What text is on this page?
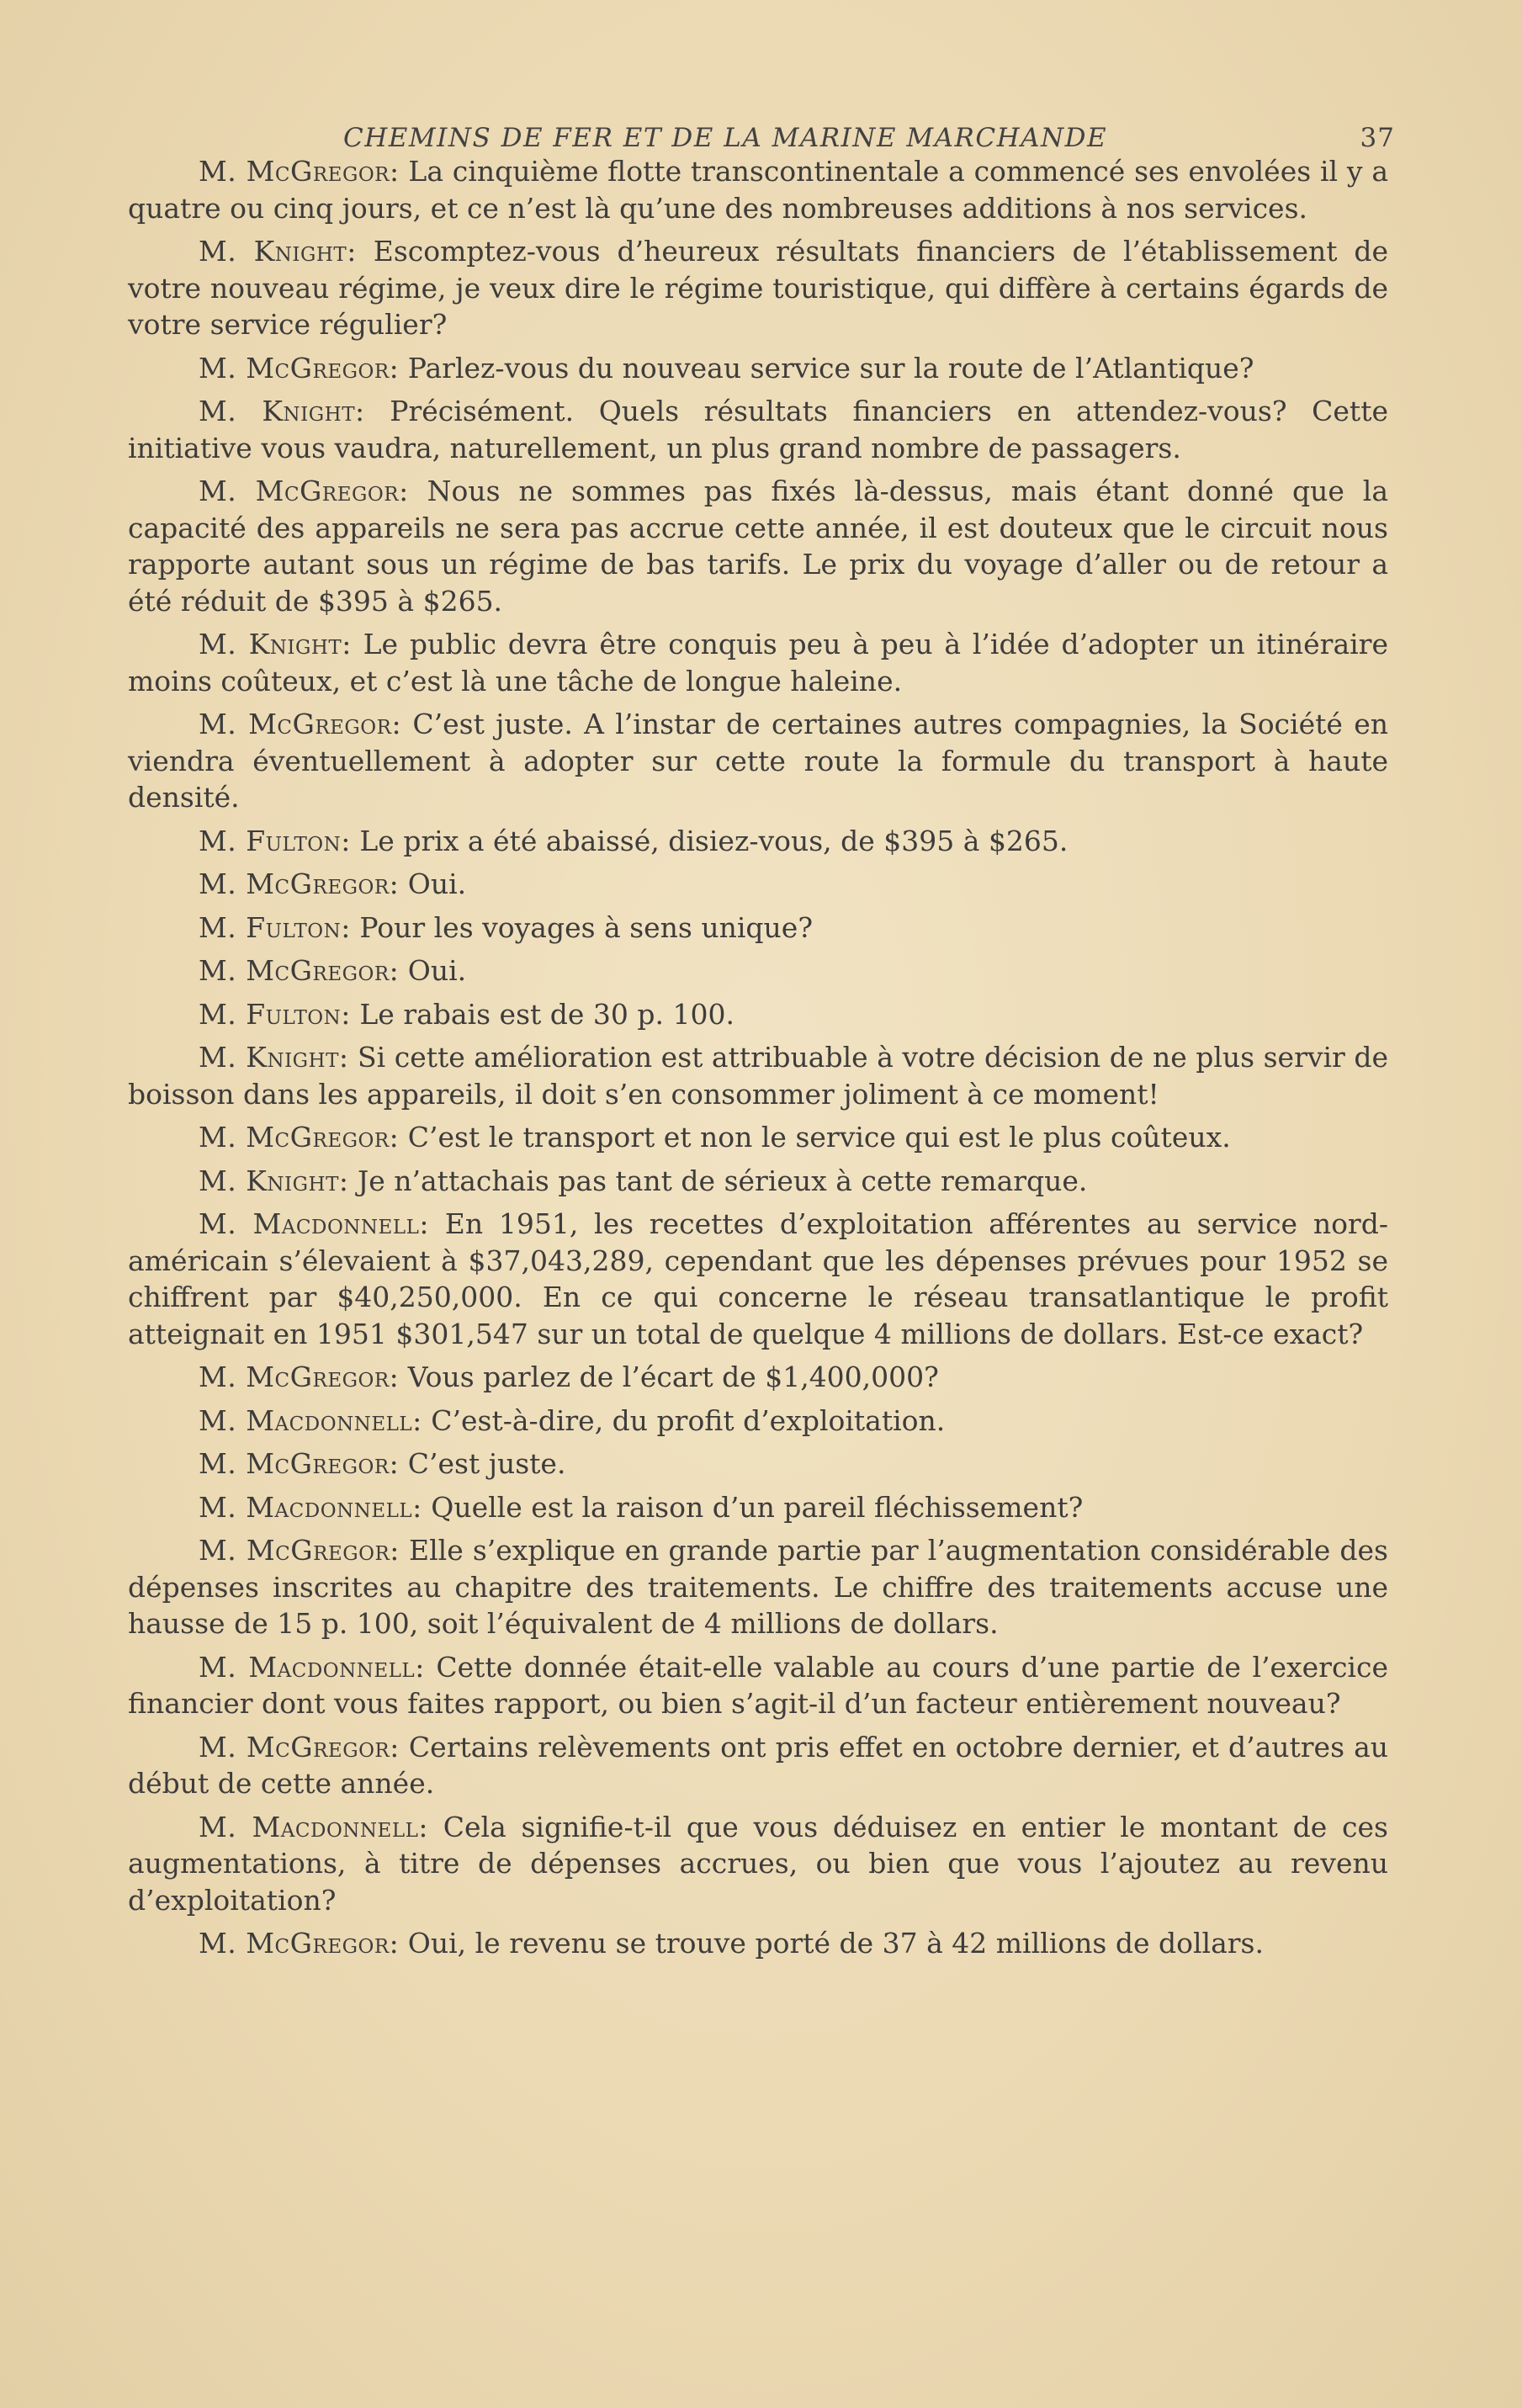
CHEMINS DE FER ET DE LA MARINE MARCHANDE	37

M. McGregor: La cinquième flotte transcontinentale a commencé ses envolées il y a quatre ou cinq jours, et ce n’est là qu’une des nombreuses additions à nos services.

M. Knight: Escomptez-vous d’heureux résultats financiers de l’établissement de votre nouveau régime, je veux dire le régime touristique, qui diffère à certains égards de votre service régulier?

M. McGregor: Parlez-vous du nouveau service sur la route de l’Atlantique?

M. Knight: Précisément. Quels résultats financiers en attendez-vous? Cette initiative vous vaudra, naturellement, un plus grand nombre de passagers.

M. McGregor: Nous ne sommes pas fixés là-dessus, mais étant donné que la capacité des appareils ne sera pas accrue cette année, il est douteux que le circuit nous rapporte autant sous un régime de bas tarifs. Le prix du voyage d’aller ou de retour a été réduit de $395 à $265.

M. Knight: Le public devra être conquis peu à peu à l’idée d’adopter un itinéraire moins coûteux, et c’est là une tâche de longue haleine.

M. McGregor: C’est juste. A l’instar de certaines autres compagnies, la Société en viendra éventuellement à adopter sur cette route la formule du transport à haute densité.

M. Fulton: Le prix a été abaissé, disiez-vous, de $395 à $265.

M. McGregor: Oui.

M. Fulton: Pour les voyages à sens unique?

M. McGregor: Oui.

M. Fulton: Le rabais est de 30 p. 100.

M. Knight: Si cette amélioration est attribuable à votre décision de ne plus servir de boisson dans les appareils, il doit s’en consommer joliment à ce moment!

M. McGregor: C’est le transport et non le service qui est le plus coûteux.

M. Knight: Je n’attachais pas tant de sérieux à cette remarque.

M. Macdonnell: En 1951, les recettes d’exploitation afférentes au service nord-américain s’élevaient à $37,043,289, cependant que les dépenses prévues pour 1952 se chiffrent par $40,250,000. En ce qui concerne le réseau transatlantique le profit atteignait en 1951 $301,547 sur un total de quelque 4 millions de dollars. Est-ce exact?

M. McGregor: Vous parlez de l’écart de $1,400,000?

M. Macdonnell: C’est-à-dire, du profit d’exploitation.

M. McGregor: C’est juste.

M. Macdonnell: Quelle est la raison d’un pareil fléchissement?

M. McGregor: Elle s’explique en grande partie par l’augmentation considérable des dépenses inscrites au chapitre des traitements. Le chiffre des traitements accuse une hausse de 15 p. 100, soit l’équivalent de 4 millions de dollars.

M. Macdonnell: Cette donnée était-elle valable au cours d’une partie de l’exercice financier dont vous faites rapport, ou bien s’agit-il d’un facteur entièrement nouveau?

M. McGregor: Certains relèvements ont pris effet en octobre dernier, et d’autres au début de cette année.

M. Macdonnell: Cela signifie-t-il que vous déduisez en entier le montant de ces augmentations, à titre de dépenses accrues, ou bien que vous l’ajoutez au revenu d’exploitation?

M. McGregor: Oui, le revenu se trouve porté de 37 à 42 millions de dollars.
